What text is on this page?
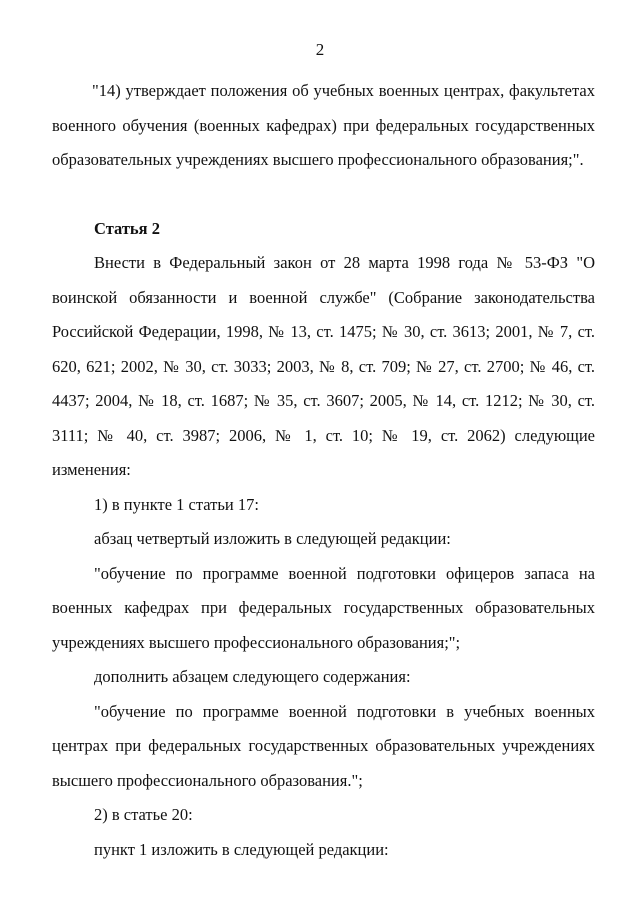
2

"14) утверждает положения об учебных военных центрах, факультетах военного обучения (военных кафедрах) при федеральных государственных образовательных учреждениях высшего профессионального образования;".

Статья 2

Внести в Федеральный закон от 28 марта 1998 года № 53-ФЗ "О воинской обязанности и военной службе" (Собрание законодательства Российской Федерации, 1998, № 13, ст. 1475; № 30, ст. 3613; 2001, № 7, ст. 620, 621; 2002, № 30, ст. 3033; 2003, № 8, ст. 709; № 27, ст. 2700; № 46, ст. 4437; 2004, № 18, ст. 1687; № 35, ст. 3607; 2005, № 14, ст. 1212; № 30, ст. 3111; № 40, ст. 3987; 2006, № 1, ст. 10; № 19, ст. 2062) следующие изменения:

1) в пункте 1 статьи 17:

абзац четвертый изложить в следующей редакции:

"обучение по программе военной подготовки офицеров запаса на военных кафедрах при федеральных государственных образовательных учреждениях высшего профессионального образования;";

дополнить абзацем следующего содержания:

"обучение по программе военной подготовки в учебных военных центрах при федеральных государственных образовательных учреждениях высшего профессионального образования.";

2) в статье 20:

пункт 1 изложить в следующей редакции:
